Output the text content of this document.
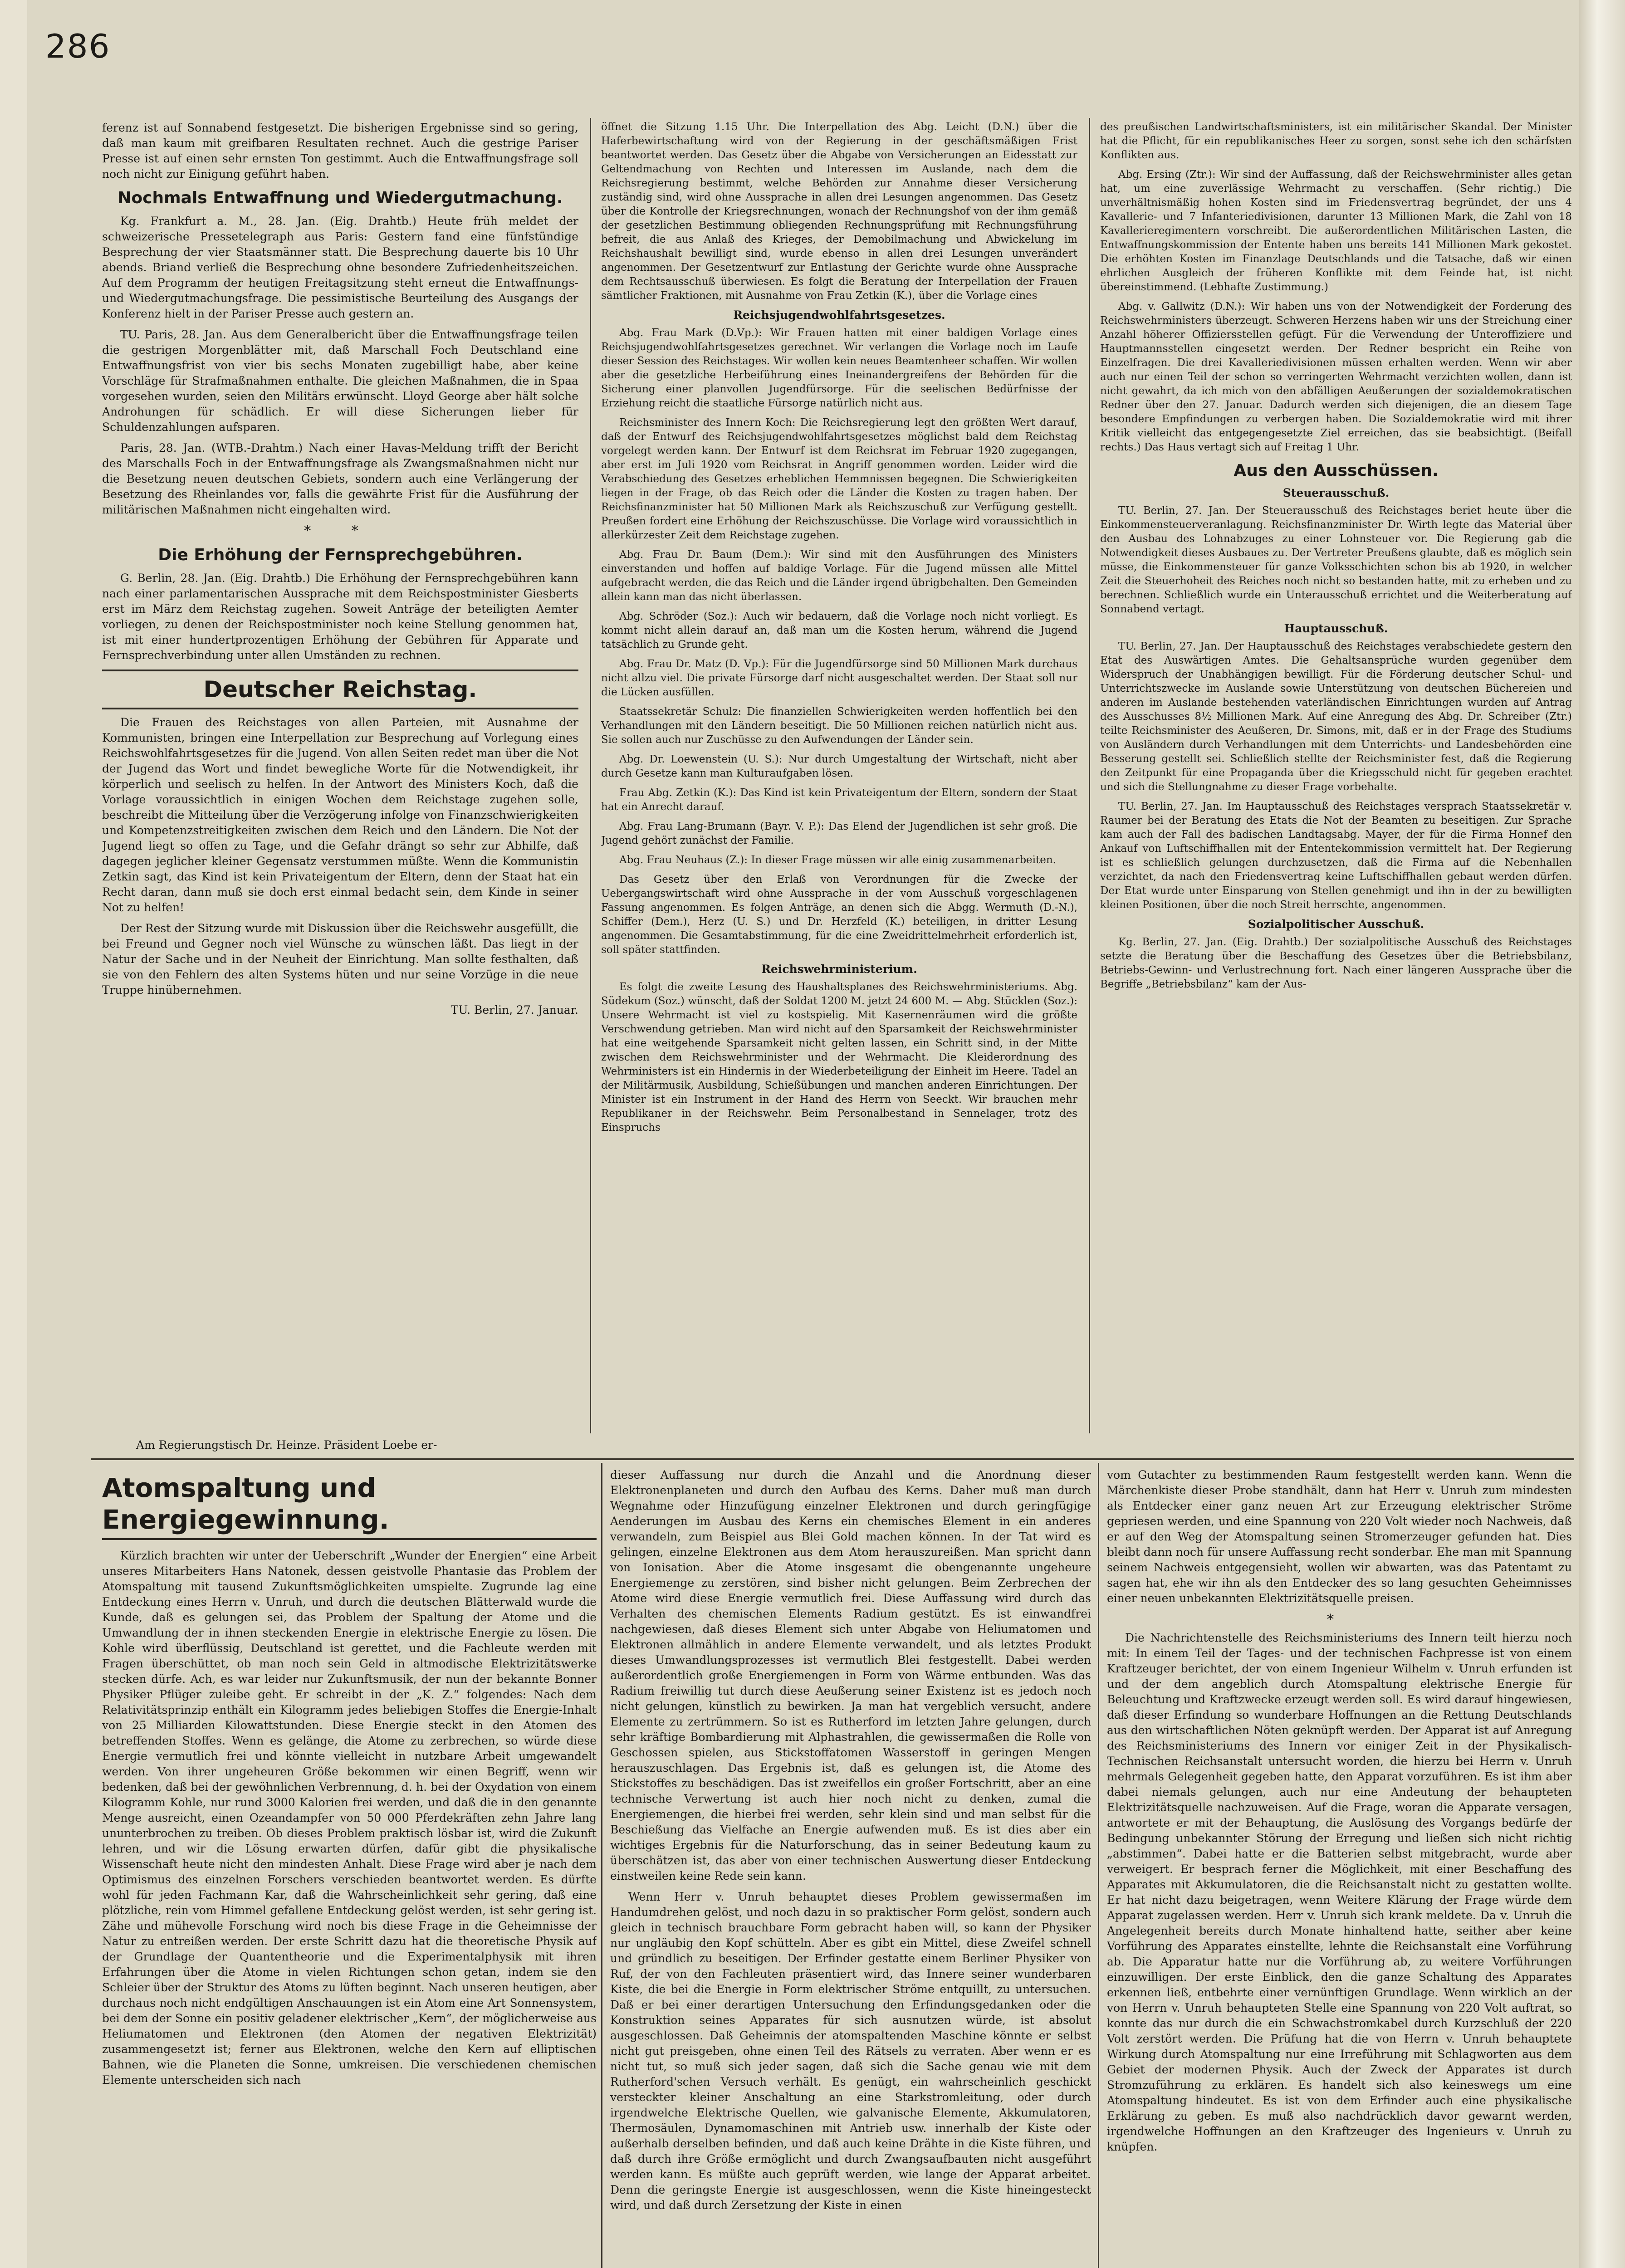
286

ferenz ist auf Sonnabend festgesetzt. Die bisherigen Ergebnisse sind so gering, daß man kaum mit greifbaren Resultaten rechnet. Auch die gestrige Pariser Presse ist auf einen sehr ernsten Ton gestimmt. Auch die Entwaffnungsfrage soll noch nicht zur Einigung geführt haben.

Nochmals Entwaffnung und Wiedergutmachung.

Kg. Frankfurt a. M., 28. Jan. (Eig. Drahtb.) Heute früh meldet der schweizerische Pressetelegraph aus Paris: Gestern fand eine fünfstündige Besprechung der vier Staatsmänner statt. Die Besprechung dauerte bis 10 Uhr abends. Briand verließ die Besprechung ohne besondere Zufriedenheitszeichen. Auf dem Programm der heutigen Freitagsitzung steht erneut die Entwaffnungs- und Wiedergutmachungsfrage. Die pessimistische Beurteilung des Ausgangs der Konferenz hielt in der Pariser Presse auch gestern an.

TU. Paris, 28. Jan. Aus dem Generalbericht über die Entwaffnungsfrage teilen die gestrigen Morgenblätter mit, daß Marschall Foch Deutschland eine Entwaffnungsfrist von vier bis sechs Monaten zugebilligt habe, aber keine Vorschläge für Strafmaßnahmen enthalte. Die gleichen Maßnahmen, die in Spaa vorgesehen wurden, seien den Militärs erwünscht. Lloyd George aber hält solche Androhungen für schädlich. Er will diese Sicherungen lieber für Schuldenzahlungen aufsparen.

Paris, 28. Jan. (WTB.-Drahtm.) Nach einer Havas-Meldung trifft der Bericht des Marschalls Foch in der Entwaffnungsfrage als Zwangsmaßnahmen nicht nur die Besetzung neuen deutschen Gebiets, sondern auch eine Verlängerung der Besetzung des Rheinlandes vor, falls die gewährte Frist für die Ausführung der militärischen Maßnahmen nicht eingehalten wird.

* *
Die Erhöhung der Fernsprechgebühren.

G. Berlin, 28. Jan. (Eig. Drahtb.) Die Erhöhung der Fernsprechgebühren kann nach einer parlamentarischen Aussprache mit dem Reichspostminister Giesberts erst im März dem Reichstag zugehen. Soweit Anträge der beteiligten Aemter vorliegen, zu denen der Reichspostminister noch keine Stellung genommen hat, ist mit einer hundertprozentigen Erhöhung der Gebühren für Apparate und Fernsprechverbindung unter allen Umständen zu rechnen.

Deutscher Reichstag.

Die Frauen des Reichstages von allen Parteien, mit Ausnahme der Kommunisten, bringen eine Interpellation zur Besprechung auf Vorlegung eines Reichswohlfahrtsgesetzes für die Jugend. Von allen Seiten redet man über die Not der Jugend das Wort und findet bewegliche Worte für die Notwendigkeit, ihr körperlich und seelisch zu helfen. In der Antwort des Ministers Koch, daß die Vorlage voraussichtlich in einigen Wochen dem Reichstage zugehen solle, beschreibt die Mitteilung über die Verzögerung infolge von Finanzschwierigkeiten und Kompetenzstreitigkeiten zwischen dem Reich und den Ländern. Die Not der Jugend liegt so offen zu Tage, und die Gefahr drängt so sehr zur Abhilfe, daß dagegen jeglicher kleiner Gegensatz verstummen müßte. Wenn die Kommunistin Zetkin sagt, das Kind ist kein Privateigentum der Eltern, denn der Staat hat ein Recht daran, dann muß sie doch erst einmal bedacht sein, dem Kinde in seiner Not zu helfen!

Der Rest der Sitzung wurde mit Diskussion über die Reichswehr ausgefüllt, die bei Freund und Gegner noch viel Wünsche zu wünschen läßt. Das liegt in der Natur der Sache und in der Neuheit der Einrichtung. Man sollte festhalten, daß sie von den Fehlern des alten Systems hüten und nur seine Vorzüge in die neue Truppe hinübernehmen.

TU. Berlin, 27. Januar.

öffnet die Sitzung 1.15 Uhr. Die Interpellation des Abg. Leicht (D.N.) über die Haferbewirtschaftung wird von der Regierung in der geschäftsmäßigen Frist beantwortet werden. Das Gesetz über die Abgabe von Versicherungen an Eidesstatt zur Geltendmachung von Rechten und Interessen im Auslande, nach dem die Reichsregierung bestimmt, welche Behörden zur Annahme dieser Versicherung zuständig sind, wird ohne Aussprache in allen drei Lesungen angenommen. Das Gesetz über die Kontrolle der Kriegsrechnungen, wonach der Rechnungshof von der ihm gemäß der gesetzlichen Bestimmung obliegenden Rechnungsprüfung mit Rechnungsführung befreit, die aus Anlaß des Krieges, der Demobilmachung und Abwickelung im Reichshaushalt bewilligt sind, wurde ebenso in allen drei Lesungen unverändert angenommen. Der Gesetzentwurf zur Entlastung der Gerichte wurde ohne Aussprache dem Rechtsausschuß überwiesen. Es folgt die Beratung der Interpellation der Frauen sämtlicher Fraktionen, mit Ausnahme von Frau Zetkin (K.), über die Vorlage eines

Reichsjugendwohlfahrtsgesetzes.

Abg. Frau Mark (D.Vp.): Wir Frauen hatten mit einer baldigen Vorlage eines Reichsjugendwohlfahrtsgesetzes gerechnet. Wir verlangen die Vorlage noch im Laufe dieser Session des Reichstages. Wir wollen kein neues Beamtenheer schaffen. Wir wollen aber die gesetzliche Herbeiführung eines Ineinandergreifens der Behörden für die Sicherung einer planvollen Jugendfürsorge. Für die seelischen Bedürfnisse der Erziehung reicht die staatliche Fürsorge natürlich nicht aus.

Reichsminister des Innern Koch: Die Reichsregierung legt den größten Wert darauf, daß der Entwurf des Reichsjugendwohlfahrtsgesetzes möglichst bald dem Reichstag vorgelegt werden kann. Der Entwurf ist dem Reichsrat im Februar 1920 zugegangen, aber erst im Juli 1920 vom Reichsrat in Angriff genommen worden. Leider wird die Verabschiedung des Gesetzes erheblichen Hemmnissen begegnen. Die Schwierigkeiten liegen in der Frage, ob das Reich oder die Länder die Kosten zu tragen haben. Der Reichsfinanzminister hat 50 Millionen Mark als Reichszuschuß zur Verfügung gestellt. Preußen fordert eine Erhöhung der Reichszuschüsse. Die Vorlage wird voraussichtlich in allerkürzester Zeit dem Reichstage zugehen.

Abg. Frau Dr. Baum (Dem.): Wir sind mit den Ausführungen des Ministers einverstanden und hoffen auf baldige Vorlage. Für die Jugend müssen alle Mittel aufgebracht werden, die das Reich und die Länder irgend übrigbehalten. Den Gemeinden allein kann man das nicht überlassen.

Abg. Schröder (Soz.): Auch wir bedauern, daß die Vorlage noch nicht vorliegt. Es kommt nicht allein darauf an, daß man um die Kosten herum, während die Jugend tatsächlich zu Grunde geht.

Abg. Frau Dr. Matz (D. Vp.): Für die Jugendfürsorge sind 50 Millionen Mark durchaus nicht allzu viel. Die private Fürsorge darf nicht ausgeschaltet werden. Der Staat soll nur die Lücken ausfüllen.

Staatssekretär Schulz: Die finanziellen Schwierigkeiten werden hoffentlich bei den Verhandlungen mit den Ländern beseitigt. Die 50 Millionen reichen natürlich nicht aus. Sie sollen auch nur Zuschüsse zu den Aufwendungen der Länder sein.

Abg. Dr. Loewenstein (U. S.): Nur durch Umgestaltung der Wirtschaft, nicht aber durch Gesetze kann man Kulturaufgaben lösen.

Frau Abg. Zetkin (K.): Das Kind ist kein Privateigentum der Eltern, sondern der Staat hat ein Anrecht darauf.

Abg. Frau Lang-Brumann (Bayr. V. P.): Das Elend der Jugendlichen ist sehr groß. Die Jugend gehört zunächst der Familie.

Abg. Frau Neuhaus (Z.): In dieser Frage müssen wir alle einig zusammenarbeiten.

Das Gesetz über den Erlaß von Verordnungen für die Zwecke der Uebergangswirtschaft wird ohne Aussprache in der vom Ausschuß vorgeschlagenen Fassung angenommen. Es folgen Anträge, an denen sich die Abgg. Wermuth (D.-N.), Schiffer (Dem.), Herz (U. S.) und Dr. Herzfeld (K.) beteiligen, in dritter Lesung angenommen. Die Gesamtabstimmung, für die eine Zweidrittelmehrheit erforderlich ist, soll später stattfinden.

Reichswehrministerium.

Es folgt die zweite Lesung des Haushaltsplanes des Reichswehrministeriums. Abg. Südekum (Soz.) wünscht, daß der Soldat 1200 M. jetzt 24 600 M. — Abg. Stücklen (Soz.): Unsere Wehrmacht ist viel zu kostspielig. Mit Kasernenräumen wird die größte Verschwendung getrieben. Man wird nicht auf den Sparsamkeit der Reichswehrminister hat eine weitgehende Sparsamkeit nicht gelten lassen, ein Schritt sind, in der Mitte zwischen dem Reichswehrminister und der Wehrmacht. Die Kleiderordnung des Wehrministers ist ein Hindernis in der Wiederbeteiligung der Einheit im Heere. Tadel an der Militärmusik, Ausbildung, Schießübungen und manchen anderen Einrichtungen. Der Minister ist ein Instrument in der Hand des Herrn von Seeckt. Wir brauchen mehr Republikaner in der Reichswehr. Beim Personalbestand in Sennelager, trotz des Einspruchs

des preußischen Landwirtschaftsministers, ist ein militärischer Skandal. Der Minister hat die Pflicht, für ein republikanisches Heer zu sorgen, sonst sehe ich den schärfsten Konflikten aus.

Abg. Ersing (Ztr.): Wir sind der Auffassung, daß der Reichswehrminister alles getan hat, um eine zuverlässige Wehrmacht zu verschaffen. (Sehr richtig.) Die unverhältnismäßig hohen Kosten sind im Friedensvertrag begründet, der uns 4 Kavallerie- und 7 Infanteriedivisionen, darunter 13 Millionen Mark, die Zahl von 18 Kavallerieregimentern vorschreibt. Die außerordentlichen Militärischen Lasten, die Entwaffnungskommission der Entente haben uns bereits 141 Millionen Mark gekostet. Die erhöhten Kosten im Finanzlage Deutschlands und die Tatsache, daß wir einen ehrlichen Ausgleich der früheren Konflikte mit dem Feinde hat, ist nicht übereinstimmend. (Lebhafte Zustimmung.)

Abg. v. Gallwitz (D.N.): Wir haben uns von der Notwendigkeit der Forderung des Reichswehrministers überzeugt. Schweren Herzens haben wir uns der Streichung einer Anzahl höherer Offiziersstellen gefügt. Für die Verwendung der Unteroffiziere und Hauptmannsstellen eingesetzt werden. Der Redner bespricht ein Reihe von Einzelfragen. Die drei Kavalleriedivisionen müssen erhalten werden. Wenn wir aber auch nur einen Teil der schon so verringerten Wehrmacht verzichten wollen, dann ist nicht gewahrt, da ich mich von den abfälligen Aeußerungen der sozialdemokratischen Redner über den 27. Januar. Dadurch werden sich diejenigen, die an diesem Tage besondere Empfindungen zu verbergen haben. Die Sozialdemokratie wird mit ihrer Kritik vielleicht das entgegengesetzte Ziel erreichen, das sie beabsichtigt. (Beifall rechts.) Das Haus vertagt sich auf Freitag 1 Uhr.

Aus den Ausschüssen.
Steuerausschuß.

TU. Berlin, 27. Jan. Der Steuerausschuß des Reichstages beriet heute über die Einkommensteuerveranlagung. Reichsfinanzminister Dr. Wirth legte das Material über den Ausbau des Lohnabzuges zu einer Lohnsteuer vor. Die Regierung gab die Notwendigkeit dieses Ausbaues zu. Der Vertreter Preußens glaubte, daß es möglich sein müsse, die Einkommensteuer für ganze Volksschichten schon bis ab 1920, in welcher Zeit die Steuerhoheit des Reiches noch nicht so bestanden hatte, mit zu erheben und zu berechnen. Schließlich wurde ein Unterausschuß errichtet und die Weiterberatung auf Sonnabend vertagt.

Hauptausschuß.

TU. Berlin, 27. Jan. Der Hauptausschuß des Reichstages verabschiedete gestern den Etat des Auswärtigen Amtes. Die Gehaltsansprüche wurden gegenüber dem Widerspruch der Unabhängigen bewilligt. Für die Förderung deutscher Schul- und Unterrichtszwecke im Auslande sowie Unterstützung von deutschen Büchereien und anderen im Auslande bestehenden vaterländischen Einrichtungen wurden auf Antrag des Ausschusses 8½ Millionen Mark. Auf eine Anregung des Abg. Dr. Schreiber (Ztr.) teilte Reichsminister des Aeußeren, Dr. Simons, mit, daß er in der Frage des Studiums von Ausländern durch Verhandlungen mit dem Unterrichts- und Landesbehörden eine Besserung gestellt sei. Schließlich stellte der Reichsminister fest, daß die Regierung den Zeitpunkt für eine Propaganda über die Kriegsschuld nicht für gegeben erachtet und sich die Stellungnahme zu dieser Frage vorbehalte.

TU. Berlin, 27. Jan. Im Hauptausschuß des Reichstages versprach Staatssekretär v. Raumer bei der Beratung des Etats die Not der Beamten zu beseitigen. Zur Sprache kam auch der Fall des badischen Landtagsabg. Mayer, der für die Firma Honnef den Ankauf von Luftschiffhallen mit der Ententekommission vermittelt hat. Der Regierung ist es schließlich gelungen durchzusetzen, daß die Firma auf die Nebenhallen verzichtet, da nach den Friedensvertrag keine Luftschiffhallen gebaut werden dürfen. Der Etat wurde unter Einsparung von Stellen genehmigt und ihn in der zu bewilligten kleinen Positionen, über die noch Streit herrschte, angenommen.

Sozialpolitischer Ausschuß.

Kg. Berlin, 27. Jan. (Eig. Drahtb.) Der sozialpolitische Ausschuß des Reichstages setzte die Beratung über die Beschaffung des Gesetzes über die Betriebsbilanz, Betriebs-Gewinn- und Verlustrechnung fort. Nach einer längeren Aussprache über die Begriffe „Betriebsbilanz“ kam der Aus-

Am Regierungstisch Dr. Heinze. Präsident Loebe er-
Atomspaltung und Energiegewinnung.

Kürzlich brachten wir unter der Ueberschrift „Wunder der Energien“ eine Arbeit unseres Mitarbeiters Hans Natonek, dessen geistvolle Phantasie das Problem der Atomspaltung mit tausend Zukunftsmöglichkeiten umspielte. Zugrunde lag eine Entdeckung eines Herrn v. Unruh, und durch die deutschen Blätterwald wurde die Kunde, daß es gelungen sei, das Problem der Spaltung der Atome und die Umwandlung der in ihnen steckenden Energie in elektrische Energie zu lösen. Die Kohle wird überflüssig, Deutschland ist gerettet, und die Fachleute werden mit Fragen überschüttet, ob man noch sein Geld in altmodische Elektrizitätswerke stecken dürfe. Ach, es war leider nur Zukunftsmusik, der nun der bekannte Bonner Physiker Pflüger zuleibe geht. Er schreibt in der „K. Z.“ folgendes: Nach dem Relativitätsprinzip enthält ein Kilogramm jedes beliebigen Stoffes die Energie-Inhalt von 25 Milliarden Kilowattstunden. Diese Energie steckt in den Atomen des betreffenden Stoffes. Wenn es gelänge, die Atome zu zerbrechen, so würde diese Energie vermutlich frei und könnte vielleicht in nutzbare Arbeit umgewandelt werden. Von ihrer ungeheuren Größe bekommen wir einen Begriff, wenn wir bedenken, daß bei der gewöhnlichen Verbrennung, d. h. bei der Oxydation von einem Kilogramm Kohle, nur rund 3000 Kalorien frei werden, und daß die in den genannte Menge ausreicht, einen Ozeandampfer von 50 000 Pferdekräften zehn Jahre lang ununterbrochen zu treiben. Ob dieses Problem praktisch lösbar ist, wird die Zukunft lehren, und wir die Lösung erwarten dürfen, dafür gibt die physikalische Wissenschaft heute nicht den mindesten Anhalt. Diese Frage wird aber je nach dem Optimismus des einzelnen Forschers verschieden beantwortet werden. Es dürfte wohl für jeden Fachmann Kar, daß die Wahrscheinlichkeit sehr gering, daß eine plötzliche, rein vom Himmel gefallene Entdeckung gelöst werden, ist sehr gering ist. Zähe und mühevolle Forschung wird noch bis diese Frage in die Geheimnisse der Natur zu entreißen werden. Der erste Schritt dazu hat die theoretische Physik auf der Grundlage der Quantentheorie und die Experimentalphysik mit ihren Erfahrungen über die Atome in vielen Richtungen schon getan, indem sie den Schleier über der Struktur des Atoms zu lüften beginnt. Nach unseren heutigen, aber durchaus noch nicht endgültigen Anschauungen ist ein Atom eine Art Sonnensystem, bei dem der Sonne ein positiv geladener elektrischer „Kern“, der möglicherweise aus Heliumatomen und Elektronen (den Atomen der negativen Elektrizität) zusammengesetzt ist; ferner aus Elektronen, welche den Kern auf elliptischen Bahnen, wie die Planeten die Sonne, umkreisen. Die verschiedenen chemischen Elemente unterscheiden sich nach

dieser Auffassung nur durch die Anzahl und die Anordnung dieser Elektronenplaneten und durch den Aufbau des Kerns. Daher muß man durch Wegnahme oder Hinzufügung einzelner Elektronen und durch geringfügige Aenderungen im Ausbau des Kerns ein chemisches Element in ein anderes verwandeln, zum Beispiel aus Blei Gold machen können. In der Tat wird es gelingen, einzelne Elektronen aus dem Atom herauszureißen. Man spricht dann von Ionisation. Aber die Atome insgesamt die obengenannte ungeheure Energiemenge zu zerstören, sind bisher nicht gelungen. Beim Zerbrechen der Atome wird diese Energie vermutlich frei. Diese Auffassung wird durch das Verhalten des chemischen Elements Radium gestützt. Es ist einwandfrei nachgewiesen, daß dieses Element sich unter Abgabe von Heliumatomen und Elektronen allmählich in andere Elemente verwandelt, und als letztes Produkt dieses Umwandlungsprozesses ist vermutlich Blei festgestellt. Dabei werden außerordentlich große Energiemengen in Form von Wärme entbunden. Was das Radium freiwillig tut durch diese Aeußerung seiner Existenz ist es jedoch noch nicht gelungen, künstlich zu bewirken. Ja man hat vergeblich versucht, andere Elemente zu zertrümmern. So ist es Rutherford im letzten Jahre gelungen, durch sehr kräftige Bombardierung mit Alphastrahlen, die gewissermaßen die Rolle von Geschossen spielen, aus Stickstoffatomen Wasserstoff in geringen Mengen herauszuschlagen. Das Ergebnis ist, daß es gelungen ist, die Atome des Stickstoffes zu beschädigen. Das ist zweifellos ein großer Fortschritt, aber an eine technische Verwertung ist auch hier noch nicht zu denken, zumal die Energiemengen, die hierbei frei werden, sehr klein sind und man selbst für die Beschießung das Vielfache an Energie aufwenden muß. Es ist dies aber ein wichtiges Ergebnis für die Naturforschung, das in seiner Bedeutung kaum zu überschätzen ist, das aber von einer technischen Auswertung dieser Entdeckung einstweilen keine Rede sein kann.

Wenn Herr v. Unruh behauptet dieses Problem gewissermaßen im Handumdrehen gelöst, und noch dazu in so praktischer Form gelöst, sondern auch gleich in technisch brauchbare Form gebracht haben will, so kann der Physiker nur ungläubig den Kopf schütteln. Aber es gibt ein Mittel, diese Zweifel schnell und gründlich zu beseitigen. Der Erfinder gestatte einem Berliner Physiker von Ruf, der von den Fachleuten präsentiert wird, das Innere seiner wunderbaren Kiste, die bei die Energie in Form elektrischer Ströme entquillt, zu untersuchen. Daß er bei einer derartigen Untersuchung den Erfindungsgedanken oder die Konstruktion seines Apparates für sich ausnutzen würde, ist absolut ausgeschlossen. Daß Geheimnis der atomspaltenden Maschine könnte er selbst nicht gut preisgeben, ohne einen Teil des Rätsels zu verraten. Aber wenn er es nicht tut, so muß sich jeder sagen, daß sich die Sache genau wie mit dem Rutherford'schen Versuch verhält. Es genügt, ein wahrscheinlich geschickt versteckter kleiner Anschaltung an eine Starkstromleitung, oder durch irgendwelche Elektrische Quellen, wie galvanische Elemente, Akkumulatoren, Thermosäulen, Dynamomaschinen mit Antrieb usw. innerhalb der Kiste oder außerhalb derselben befinden, und daß auch keine Drähte in die Kiste führen, und daß durch ihre Größe ermöglicht und durch Zwangsaufbauten nicht ausgeführt werden kann. Es müßte auch geprüft werden, wie lange der Apparat arbeitet. Denn die geringste Energie ist ausgeschlossen, wenn die Kiste hineingesteckt wird, und daß durch Zersetzung der Kiste in einen

vom Gutachter zu bestimmenden Raum festgestellt werden kann. Wenn die Märchenkiste dieser Probe standhält, dann hat Herr v. Unruh zum mindesten als Entdecker einer ganz neuen Art zur Erzeugung elektrischer Ströme gepriesen werden, und eine Spannung von 220 Volt wieder noch Nachweis, daß er auf den Weg der Atomspaltung seinen Stromerzeuger gefunden hat. Dies bleibt dann noch für unsere Auffassung recht sonderbar. Ehe man mit Spannung seinem Nachweis entgegensieht, wollen wir abwarten, was das Patentamt zu sagen hat, ehe wir ihn als den Entdecker des so lang gesuchten Geheimnisses einer neuen unbekannten Elektrizitätsquelle preisen.

*

Die Nachrichtenstelle des Reichsministeriums des Innern teilt hierzu noch mit: In einem Teil der Tages- und der technischen Fachpresse ist von einem Kraftzeuger berichtet, der von einem Ingenieur Wilhelm v. Unruh erfunden ist und der dem angeblich durch Atomspaltung elektrische Energie für Beleuchtung und Kraftzwecke erzeugt werden soll. Es wird darauf hingewiesen, daß dieser Erfindung so wunderbare Hoffnungen an die Rettung Deutschlands aus den wirtschaftlichen Nöten geknüpft werden. Der Apparat ist auf Anregung des Reichsministeriums des Innern vor einiger Zeit in der Physikalisch-Technischen Reichsanstalt untersucht worden, die hierzu bei Herrn v. Unruh mehrmals Gelegenheit gegeben hatte, den Apparat vorzuführen. Es ist ihm aber dabei niemals gelungen, auch nur eine Andeutung der behaupteten Elektrizitätsquelle nachzuweisen. Auf die Frage, woran die Apparate versagen, antwortete er mit der Behauptung, die Auslösung des Vorgangs bedürfe der Bedingung unbekannter Störung der Erregung und ließen sich nicht richtig „abstimmen“. Dabei hatte er die Batterien selbst mitgebracht, wurde aber verweigert. Er besprach ferner die Möglichkeit, mit einer Beschaffung des Apparates mit Akkumulatoren, die die Reichsanstalt nicht zu gestatten wollte. Er hat nicht dazu beigetragen, wenn Weitere Klärung der Frage würde dem Apparat zugelassen werden. Herr v. Unruh sich krank meldete. Da v. Unruh die Angelegenheit bereits durch Monate hinhaltend hatte, seither aber keine Vorführung des Apparates einstellte, lehnte die Reichsanstalt eine Vorführung ab. Die Apparatur hatte nur die Vorführung ab, zu weitere Vorführungen einzuwilligen. Der erste Einblick, den die ganze Schaltung des Apparates erkennen ließ, entbehrte einer vernünftigen Grundlage. Wenn wirklich an der von Herrn v. Unruh behaupteten Stelle eine Spannung von 220 Volt auftrat, so konnte das nur durch die ein Schwachstromkabel durch Kurzschluß der 220 Volt zerstört werden. Die Prüfung hat die von Herrn v. Unruh behauptete Wirkung durch Atomspaltung nur eine Irreführung mit Schlagworten aus dem Gebiet der modernen Physik. Auch der Zweck der Apparates ist durch Stromzuführung zu erklären. Es handelt sich also keineswegs um eine Atomspaltung hindeutet. Es ist von dem Erfinder auch eine physikalische Erklärung zu geben. Es muß also nachdrücklich davor gewarnt werden, irgendwelche Hoffnungen an den Kraftzeuger des Ingenieurs v. Unruh zu knüpfen.
